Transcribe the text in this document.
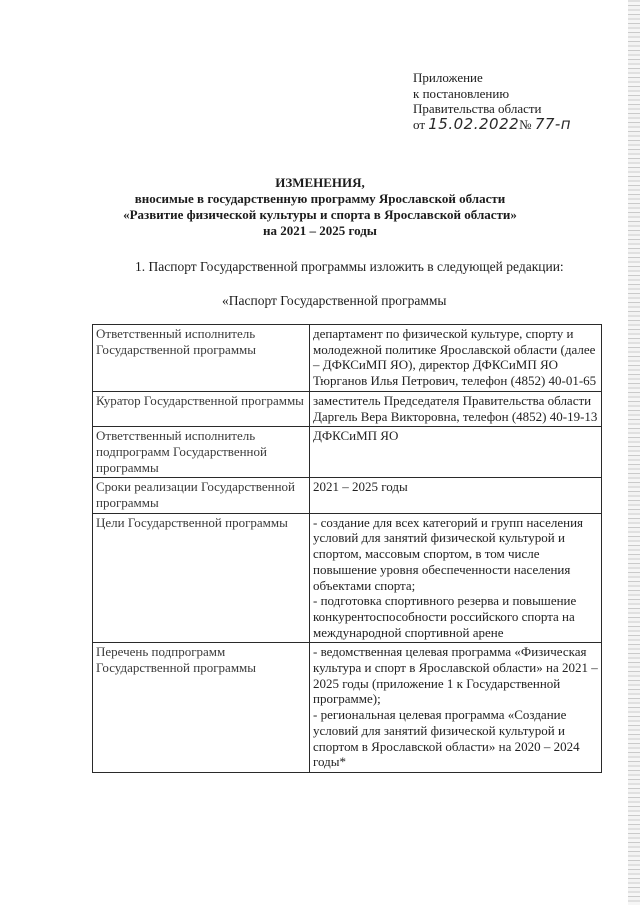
Приложение
к постановлению
Правительства области
от 15.02.2022№ 77-п
ИЗМЕНЕНИЯ,
вносимые в государственную программу Ярославской области
«Развитие физической культуры и спорта в Ярославской области»
на 2021 – 2025 годы
1. Паспорт Государственной программы изложить в следующей редакции:
«Паспорт Государственной программы
Ответственный исполнитель Государственной программы	департамент по физической культуре, спорту и молодежной политике Ярославской области (далее – ДФКСиМП ЯО), директор ДФКСиМП ЯО Тюрганов Илья Петрович, телефон (4852) 40-01-65
Куратор Государственной программы	заместитель Председателя Правительства области Даргель Вера Викторовна, телефон (4852) 40-19-13
Ответственный исполнитель подпрограмм Государственной программы	ДФКСиМП ЯО
Сроки реализации Государственной программы	2021 – 2025 годы
Цели Государственной программы	- создание для всех категорий и групп населения условий для занятий физической культурой и спортом, массовым спортом, в том числе повышение уровня обеспеченности населения объектами спорта;
- подготовка спортивного резерва и повышение конкурентоспособности российского спорта на международной спортивной арене

Перечень подпрограмм Государственной программы	- ведомственная целевая программа «Физическая культура и спорт в Ярославской области» на 2021 – 2025 годы (приложение 1 к Государственной программе);
- региональная целевая программа «Создание условий для занятий физической культурой и спортом в Ярославской области» на 2020 – 2024 годы*
